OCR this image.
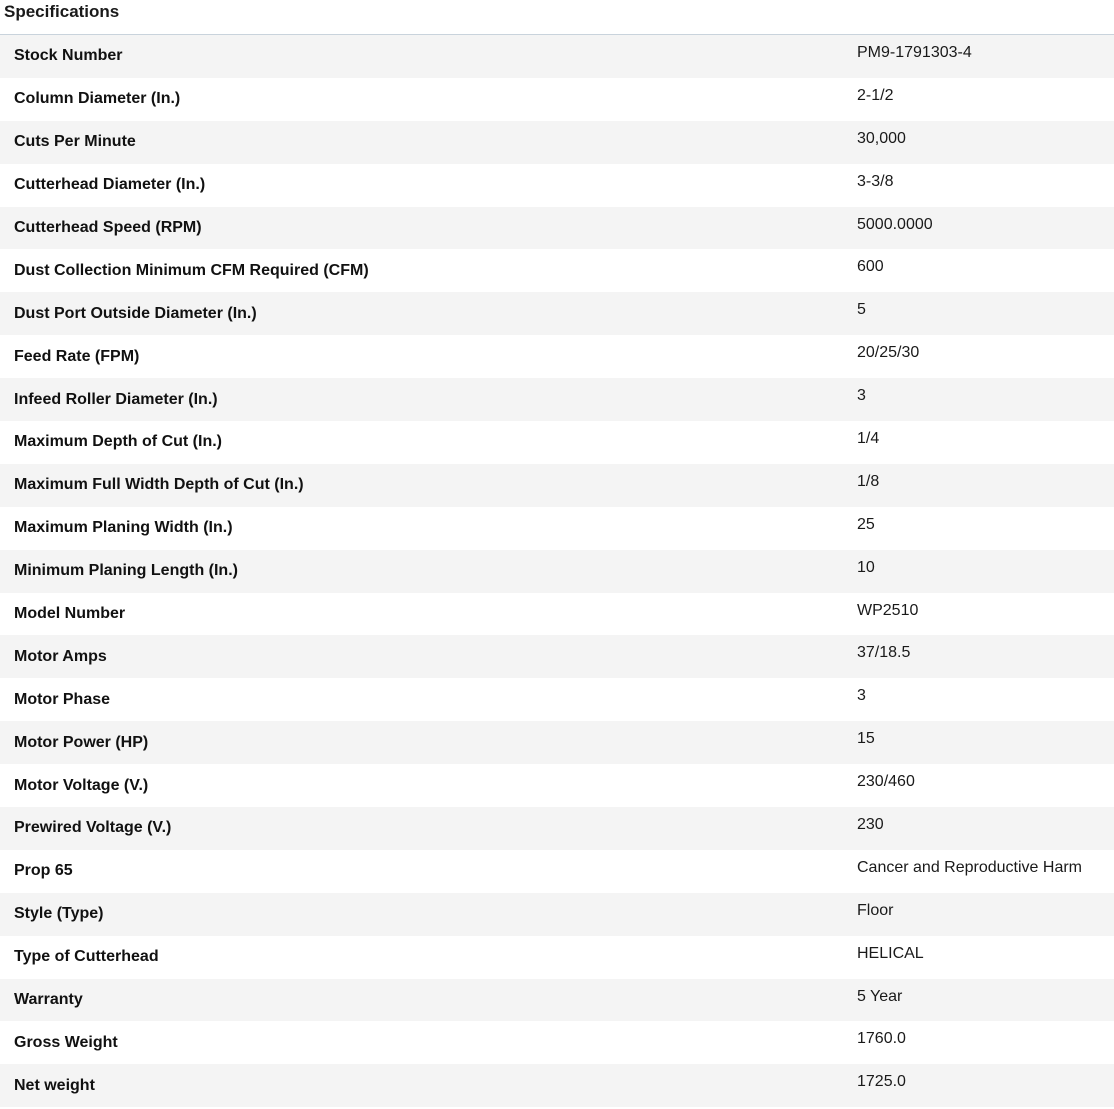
Specifications
Stock Number	PM9-1791303-4
Column Diameter (In.)	2-1/2
Cuts Per Minute	30,000
Cutterhead Diameter (In.)	3-3/8
Cutterhead Speed (RPM)	5000.0000
Dust Collection Minimum CFM Required (CFM)	600
Dust Port Outside Diameter (In.)	5
Feed Rate (FPM)	20/25/30
Infeed Roller Diameter (In.)	3
Maximum Depth of Cut (In.)	1/4
Maximum Full Width Depth of Cut (In.)	1/8
Maximum Planing Width (In.)	25
Minimum Planing Length (In.)	10
Model Number	WP2510
Motor Amps	37/18.5
Motor Phase	3
Motor Power (HP)	15
Motor Voltage (V.)	230/460
Prewired Voltage (V.)	230
Prop 65	Cancer and Reproductive Harm
Style (Type)	Floor
Type of Cutterhead	HELICAL
Warranty	5 Year
Gross Weight	1760.0
Net weight	1725.0
